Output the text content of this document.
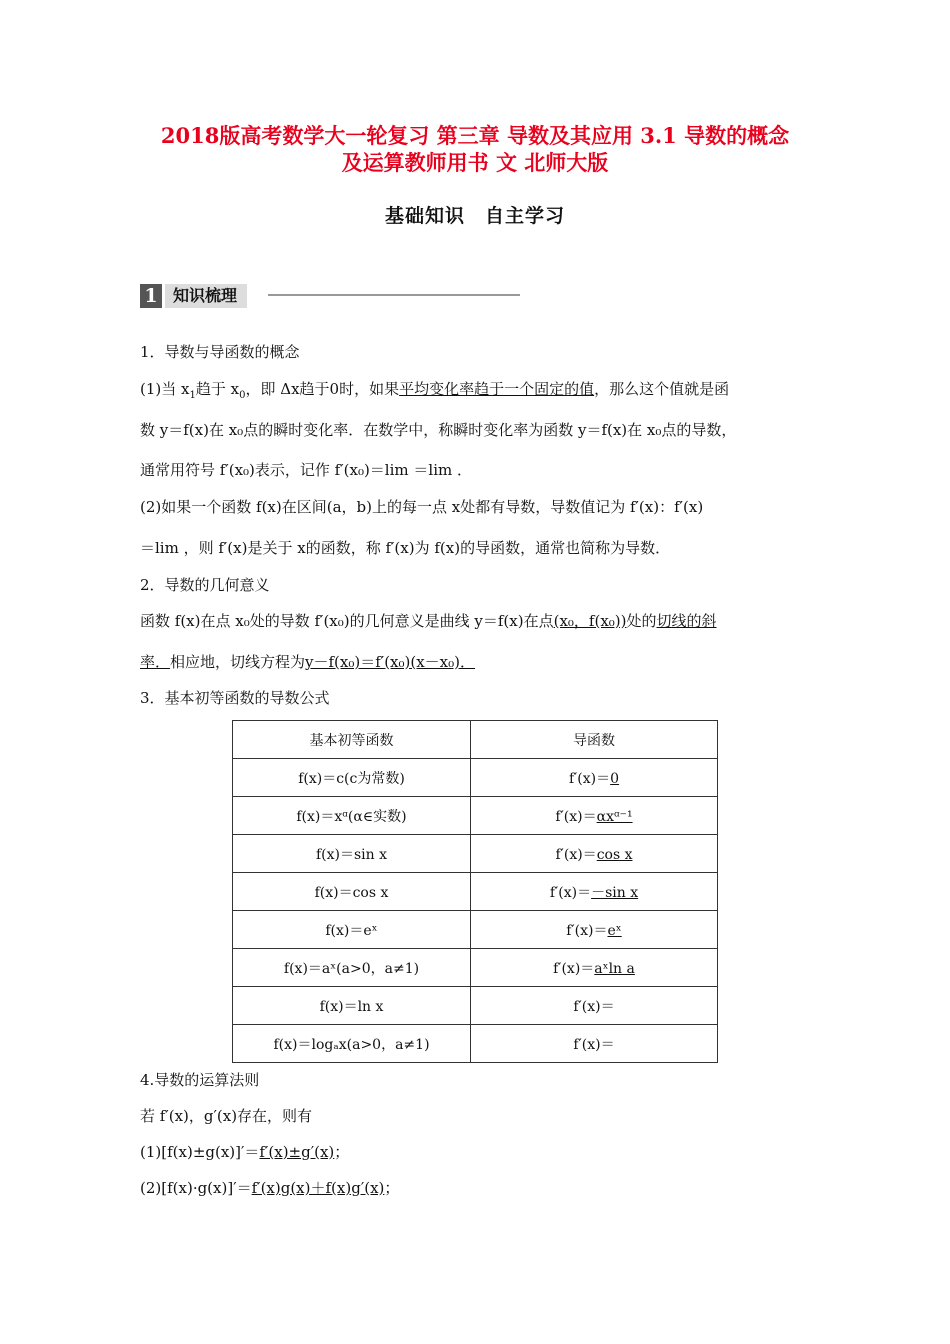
2018版高考数学大一轮复习 第三章 导数及其应用 3.1 导数的概念
及运算教师用书 文 北师大版
基础知识　自主学习
1 知识梳理
1．导数与导函数的概念
(1)当 $x_1$趋于 $x_0$，即 Δx趋于0时，如果平均变化率趋于一个固定的值，那么这个值就是函
数 y＝f(x)在 x₀点的瞬时变化率．在数学中，称瞬时变化率为函数 y＝f(x)在 x₀点的导数，
通常用符号 f′(x₀)表示，记作 f′(x₀)＝lim ＝lim ．
(2)如果一个函数 f(x)在区间(a，b)上的每一点 x处都有导数，导数值记为 f′(x)：f′(x)
＝lim ，则 f′(x)是关于 x的函数，称 f′(x)为 f(x)的导函数，通常也简称为导数．
2．导数的几何意义
函数 f(x)在点 x₀处的导数 f′(x₀)的几何意义是曲线 y＝f(x)在点(x₀，f(x₀))处的切线的斜
率．相应地，切线方程为y－f(x₀)＝f′(x₀)(x－x₀)．
3．基本初等函数的导数公式
基本初等函数	导函数
f(x)＝c(c为常数)	f′(x)＝0
f(x)＝xᵅ(α∈实数)	f′(x)＝αxᵅ⁻¹
f(x)＝sin x	f′(x)＝cos x
f(x)＝cos x	f′(x)＝－sin x
f(x)＝eˣ	f′(x)＝eˣ
f(x)＝aˣ(a>0，a≠1)	f′(x)＝aˣln a
f(x)＝ln x	f′(x)＝
f(x)＝logₐx(a>0，a≠1)	f′(x)＝
4.导数的运算法则
若 f′(x)，g′(x)存在，则有
(1)[f(x)±g(x)]′＝f′(x)±g′(x)；
(2)[f(x)·g(x)]′＝f′(x)g(x)＋f(x)g′(x)；
